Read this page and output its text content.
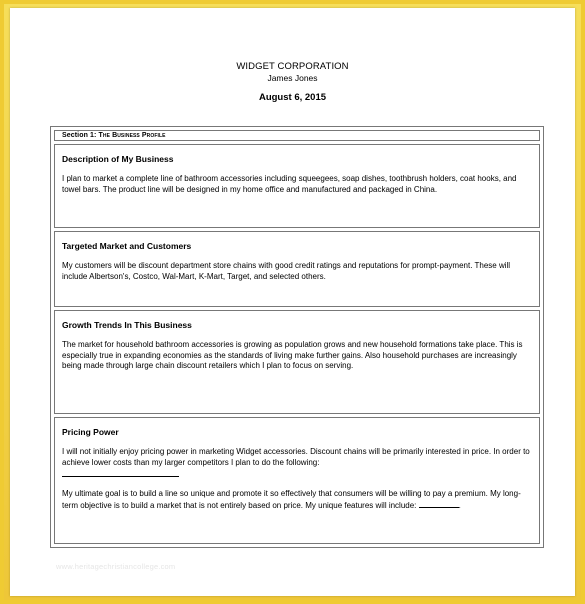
WIDGET CORPORATION
James Jones
August 6, 2015
Section 1: The Business Profile
Description of My Business

I plan to market a complete line of bathroom accessories including squeegees, soap dishes, toothbrush holders, coat hooks, and towel bars. The product line will be designed in my home office and manufactured and packaged in China.

Targeted Market and Customers

My customers will be discount department store chains with good credit ratings and reputations for prompt-payment. These will include Albertson's, Costco, Wal-Mart, K-Mart, Target, and selected others.

Growth Trends In This Business

The market for household bathroom accessories is growing as population grows and new household formations take place. This is especially true in expanding economies as the standards of living make further gains. Also household purchases are increasingly being made through large chain discount retailers which I plan to focus on serving.

Pricing Power

I will not initially enjoy pricing power in marketing Widget accessories. Discount chains will be primarily interested in price. In order to achieve lower costs than my larger competitors I plan to do the following:

My ultimate goal is to build a line so unique and promote it so effectively that consumers will be willing to pay a premium. My long-term objective is to build a market that is not entirely based on price. My unique features will include:	.

www.heritagechristiancollege.com
